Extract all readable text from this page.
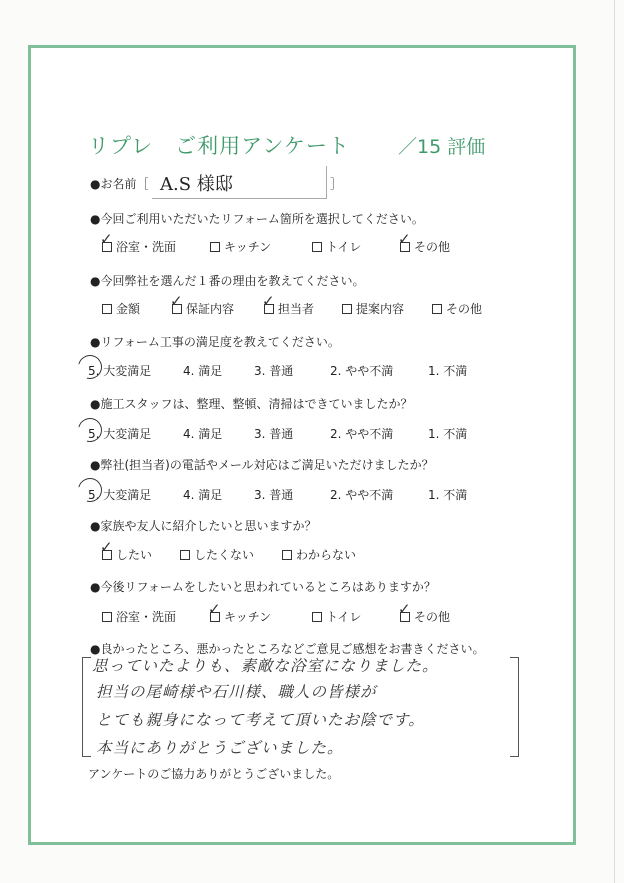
リプレ　ご利用アンケート	／15 評価
●お名前［ A.S 様邸	］
●今回ご利用いただいたリフォーム箇所を選択してください。
✓ 浴室・洗面	キッチン	トイレ ✓ その他
●今回弊社を選んだ１番の理由を教えてください。
金額 ✓ 保証内容 ✓ 担当者	提案内容	その他
●リフォーム工事の満足度を教えてください。
5. 大変満足	4. 満足	3. 普通	2. やや不満	1. 不満
●施工スタッフは、整理、整頓、清掃はできていましたか？
5. 大変満足	4. 満足	3. 普通	2. やや不満	1. 不満
●弊社(担当者)の電話やメール対応はご満足いただけましたか？
5. 大変満足	4. 満足	3. 普通	2. やや不満	1. 不満
●家族や友人に紹介したいと思いますか？
✓ したい	したくない	わからない
●今後リフォームをしたいと思われているところはありますか？
浴室・洗面 ✓ キッチン	トイレ ✓ その他
●良かったところ、悪かったところなどご意見ご感想をお書きください。
思っていたよりも、素敵な浴室になりました。
担当の尾崎様や石川様、職人の皆様が
とても親身になって考えて頂いたお陰です。
本当にありがとうございました。
アンケートのご協力ありがとうございました。
